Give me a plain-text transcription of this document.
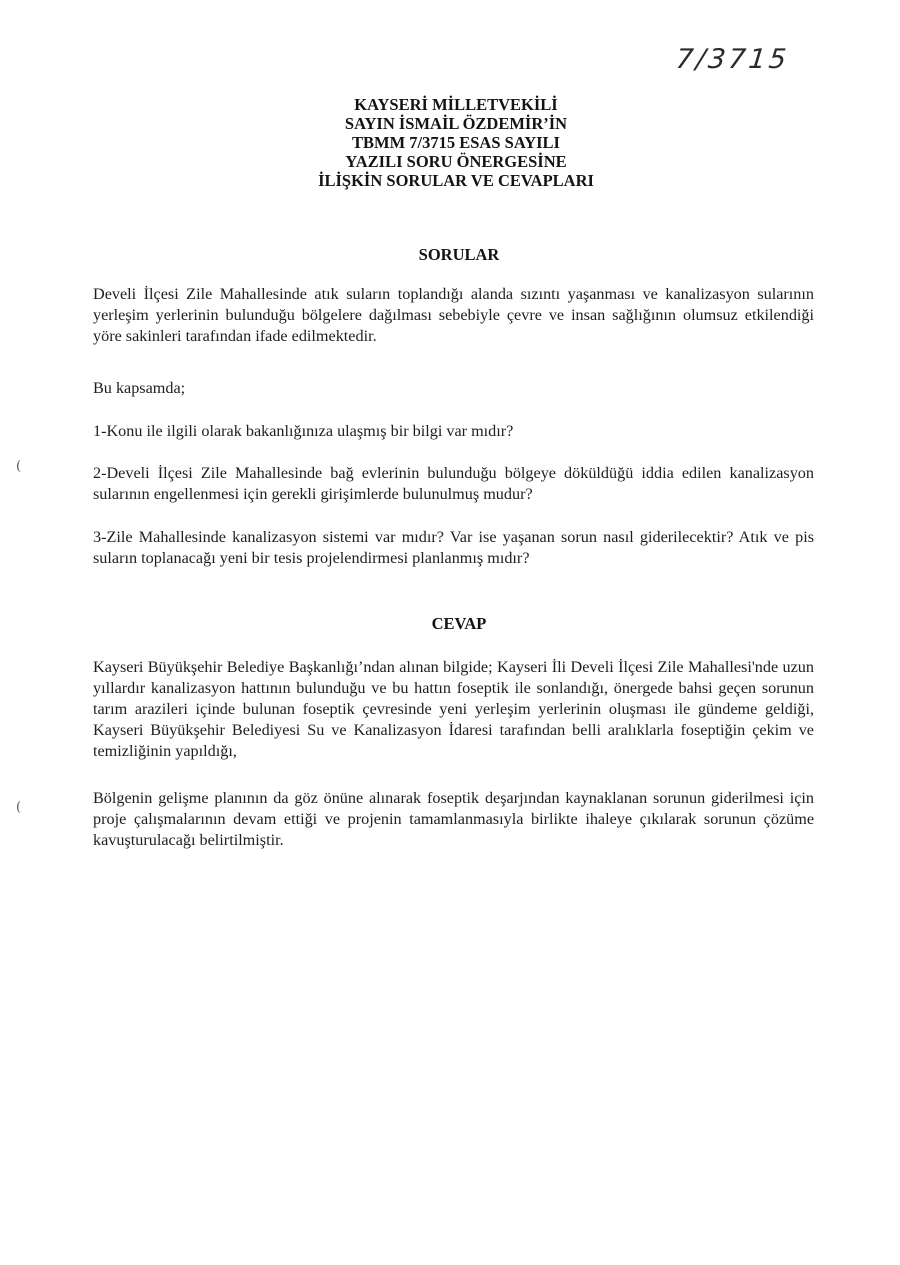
7/3715
KAYSERİ MİLLETVEKİLİ
SAYIN İSMAİL ÖZDEMİR’İN
TBMM 7/3715 ESAS SAYILI
YAZILI SORU ÖNERGESİNE
İLİŞKİN SORULAR VE CEVAPLARI
SORULAR

Develi İlçesi Zile Mahallesinde atık suların toplandığı alanda sızıntı yaşanması ve kanalizasyon sularının yerleşim yerlerinin bulunduğu bölgelere dağılması sebebiyle çevre ve insan sağlığının olumsuz etkilendiği yöre sakinleri tarafından ifade edilmektedir.

Bu kapsamda;

1-Konu ile ilgili olarak bakanlığınıza ulaşmış bir bilgi var mıdır?

2-Develi İlçesi Zile Mahallesinde bağ evlerinin bulunduğu bölgeye döküldüğü iddia edilen kanalizasyon sularının engellenmesi için gerekli girişimlerde bulunulmuş mudur?

3-Zile Mahallesinde kanalizasyon sistemi var mıdır? Var ise yaşanan sorun nasıl giderilecektir? Atık ve pis suların toplanacağı yeni bir tesis projelendirmesi planlanmış mıdır?

CEVAP

Kayseri Büyükşehir Belediye Başkanlığı’ndan alınan bilgide; Kayseri İli Develi İlçesi Zile Mahallesi'nde uzun yıllardır kanalizasyon hattının bulunduğu ve bu hattın foseptik ile sonlandığı, önergede bahsi geçen sorunun tarım arazileri içinde bulunan foseptik çevresinde yeni yerleşim yerlerinin oluşması ile gündeme geldiği, Kayseri Büyükşehir Belediyesi Su ve Kanalizasyon İdaresi tarafından belli aralıklarla foseptiğin çekim ve temizliğinin yapıldığı,

Bölgenin gelişme planının da göz önüne alınarak foseptik deşarjından kaynaklanan sorunun giderilmesi için proje çalışmalarının devam ettiği ve projenin tamamlanmasıyla birlikte ihaleye çıkılarak sorunun çözüme kavuşturulacağı belirtilmiştir.

(
(
